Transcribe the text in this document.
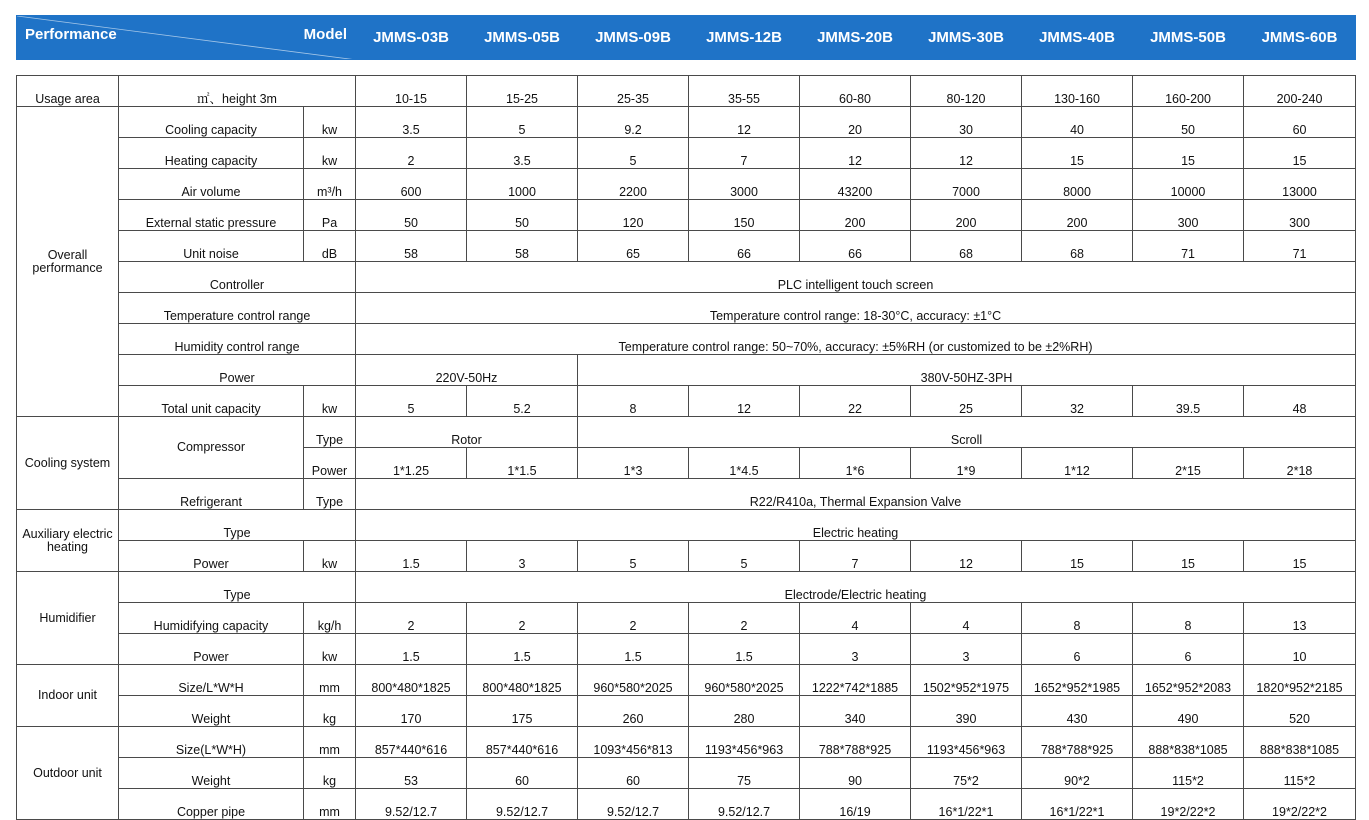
Performance Model			JMMS-03B	JMMS-05B	JMMS-09B	JMMS-12B	JMMS-20B	JMMS-30B	JMMS-40B	JMMS-50B	JMMS-60B

Usage area	㎡、height 3m		10-15	15-25	25-35	35-55	60-80	80-120	130-160	160-200	200-240
Overall performance	Cooling capacity	kw	3.5	5	9.2	12	20	30	40	50	60
	Heating capacity	kw	2	3.5	5	7	12	12	15	15	15
	Air volume	m³/h	600	1000	2200	3000	43200	7000	8000	10000	13000
	External static pressure	Pa	50	50	120	150	200	200	200	300	300
	Unit noise	dB	58	58	65	66	66	68	68	71	71
	Controller		PLC intelligent touch screen								
	Temperature control range		Temperature control range: 18-30°C, accuracy: ±1°C								
	Humidity control range		Temperature control range: 50~70%, accuracy: ±5%RH (or customized to be ±2%RH)								
	Power		220V-50Hz		380V-50HZ-3PH						
	Total unit capacity	kw	5	5.2	8	12	22	25	32	39.5	48
Cooling system	Compressor	Type	Rotor		Scroll						
		Power	1*1.25	1*1.5	1*3	1*4.5	1*6	1*9	1*12	2*15	2*18
	Refrigerant	Type	R22/R410a, Thermal Expansion Valve								
Auxiliary electric heating	Type		Electric heating								
	Power	kw	1.5	3	5	5	7	12	15	15	15
Humidifier	Type		Electrode/Electric heating								
	Humidifying capacity	kg/h	2	2	2	2	4	4	8	8	13
	Power	kw	1.5	1.5	1.5	1.5	3	3	6	6	10
Indoor unit	Size/L*W*H	mm	800*480*1825	800*480*1825	960*580*2025	960*580*2025	1222*742*1885	1502*952*1975	1652*952*1985	1652*952*2083	1820*952*2185
	Weight	kg	170	175	260	280	340	390	430	490	520
Outdoor unit	Size(L*W*H)	mm	857*440*616	857*440*616	1093*456*813	1193*456*963	788*788*925	1193*456*963	788*788*925	888*838*1085	888*838*1085
	Weight	kg	53	60	60	75	90	75*2	90*2	115*2	115*2
	Copper pipe	mm	9.52/12.7	9.52/12.7	9.52/12.7	9.52/12.7	16/19	16*1/22*1	16*1/22*1	19*2/22*2	19*2/22*2
